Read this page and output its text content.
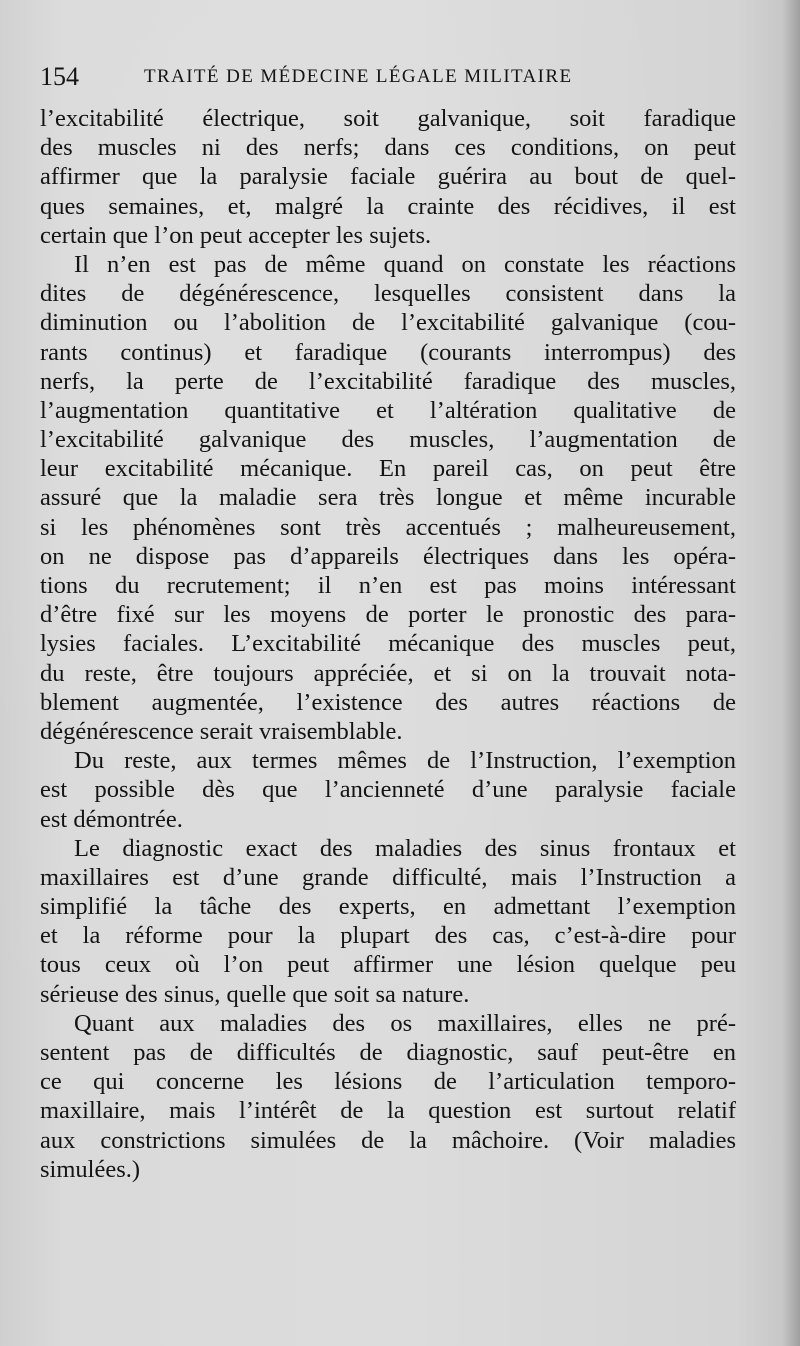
154	TRAITÉ DE MÉDECINE LÉGALE MILITAIRE
l’excitabilité électrique, soit galvanique, soit faradique
des muscles ni des nerfs; dans ces conditions, on peut
affirmer que la paralysie faciale guérira au bout de quel-
ques semaines, et, malgré la crainte des récidives, il est
certain que l’on peut accepter les sujets.
Il n’en est pas de même quand on constate les réactions
dites de dégénérescence, lesquelles consistent dans la
diminution ou l’abolition de l’excitabilité galvanique (cou-
rants continus) et faradique (courants interrompus) des
nerfs, la perte de l’excitabilité faradique des muscles,
l’augmentation quantitative et l’altération qualitative de
l’excitabilité galvanique des muscles, l’augmentation de
leur excitabilité mécanique. En pareil cas, on peut être
assuré que la maladie sera très longue et même incurable
si les phénomènes sont très accentués ; malheureusement,
on ne dispose pas d’appareils électriques dans les opéra-
tions du recrutement; il n’en est pas moins intéressant
d’être fixé sur les moyens de porter le pronostic des para-
lysies faciales. L’excitabilité mécanique des muscles peut,
du reste, être toujours appréciée, et si on la trouvait nota-
blement augmentée, l’existence des autres réactions de
dégénérescence serait vraisemblable.
Du reste, aux termes mêmes de l’Instruction, l’exemption
est possible dès que l’ancienneté d’une paralysie faciale
est démontrée.
Le diagnostic exact des maladies des sinus frontaux et
maxillaires est d’une grande difficulté, mais l’Instruction a
simplifié la tâche des experts, en admettant l’exemption
et la réforme pour la plupart des cas, c’est-à-dire pour
tous ceux où l’on peut affirmer une lésion quelque peu
sérieuse des sinus, quelle que soit sa nature.
Quant aux maladies des os maxillaires, elles ne pré-
sentent pas de difficultés de diagnostic, sauf peut-être en
ce qui concerne les lésions de l’articulation temporo-
maxillaire, mais l’intérêt de la question est surtout relatif
aux constrictions simulées de la mâchoire. (Voir maladies
simulées.)
